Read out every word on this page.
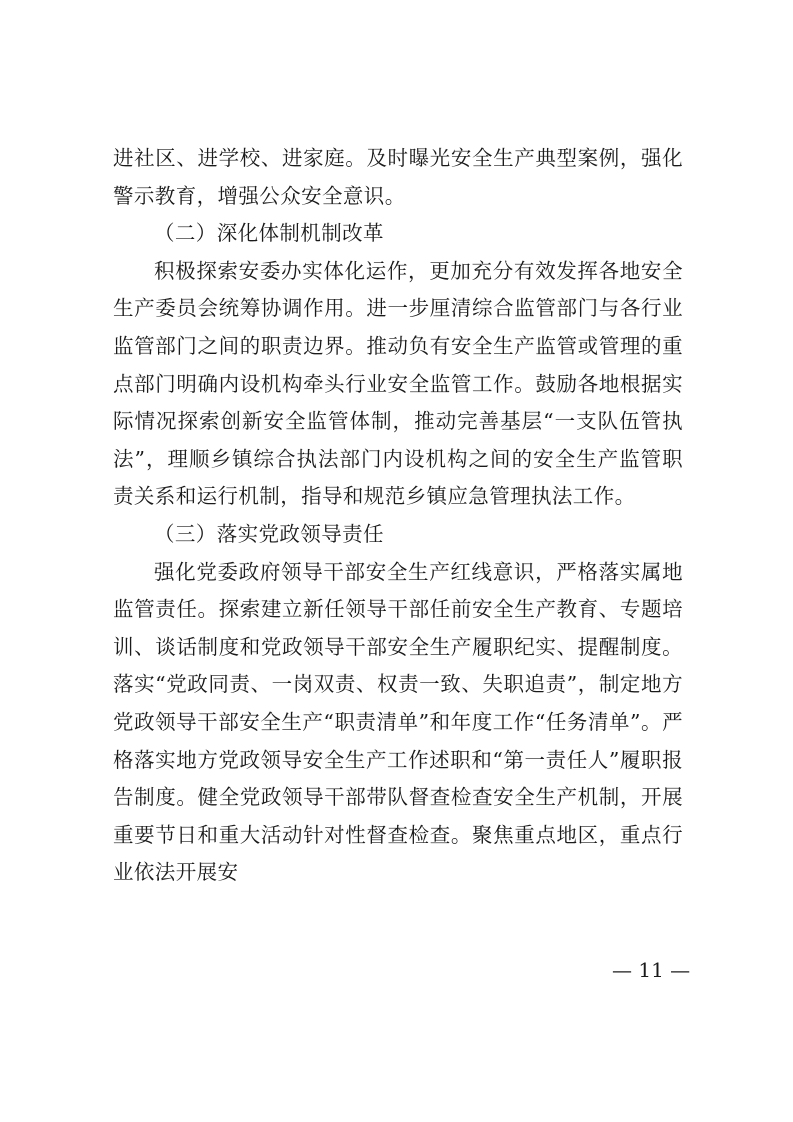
进社区、进学校、进家庭。及时曝光安全生产典型案例，强化警示教育，增强公众安全意识。

（二）深化体制机制改革

积极探索安委办实体化运作，更加充分有效发挥各地安全生产委员会统筹协调作用。进一步厘清综合监管部门与各行业监管部门之间的职责边界。推动负有安全生产监管或管理的重点部门明确内设机构牵头行业安全监管工作。鼓励各地根据实际情况探索创新安全监管体制，推动完善基层“一支队伍管执法”，理顺乡镇综合执法部门内设机构之间的安全生产监管职责关系和运行机制，指导和规范乡镇应急管理执法工作。

（三）落实党政领导责任

强化党委政府领导干部安全生产红线意识，严格落实属地监管责任。探索建立新任领导干部任前安全生产教育、专题培训、谈话制度和党政领导干部安全生产履职纪实、提醒制度。落实“党政同责、一岗双责、权责一致、失职追责”，制定地方党政领导干部安全生产“职责清单”和年度工作“任务清单”。严格落实地方党政领导安全生产工作述职和“第一责任人”履职报告制度。健全党政领导干部带队督查检查安全生产机制，开展重要节日和重大活动针对性督查检查。聚焦重点地区，重点行业依法开展安

— 11 —
